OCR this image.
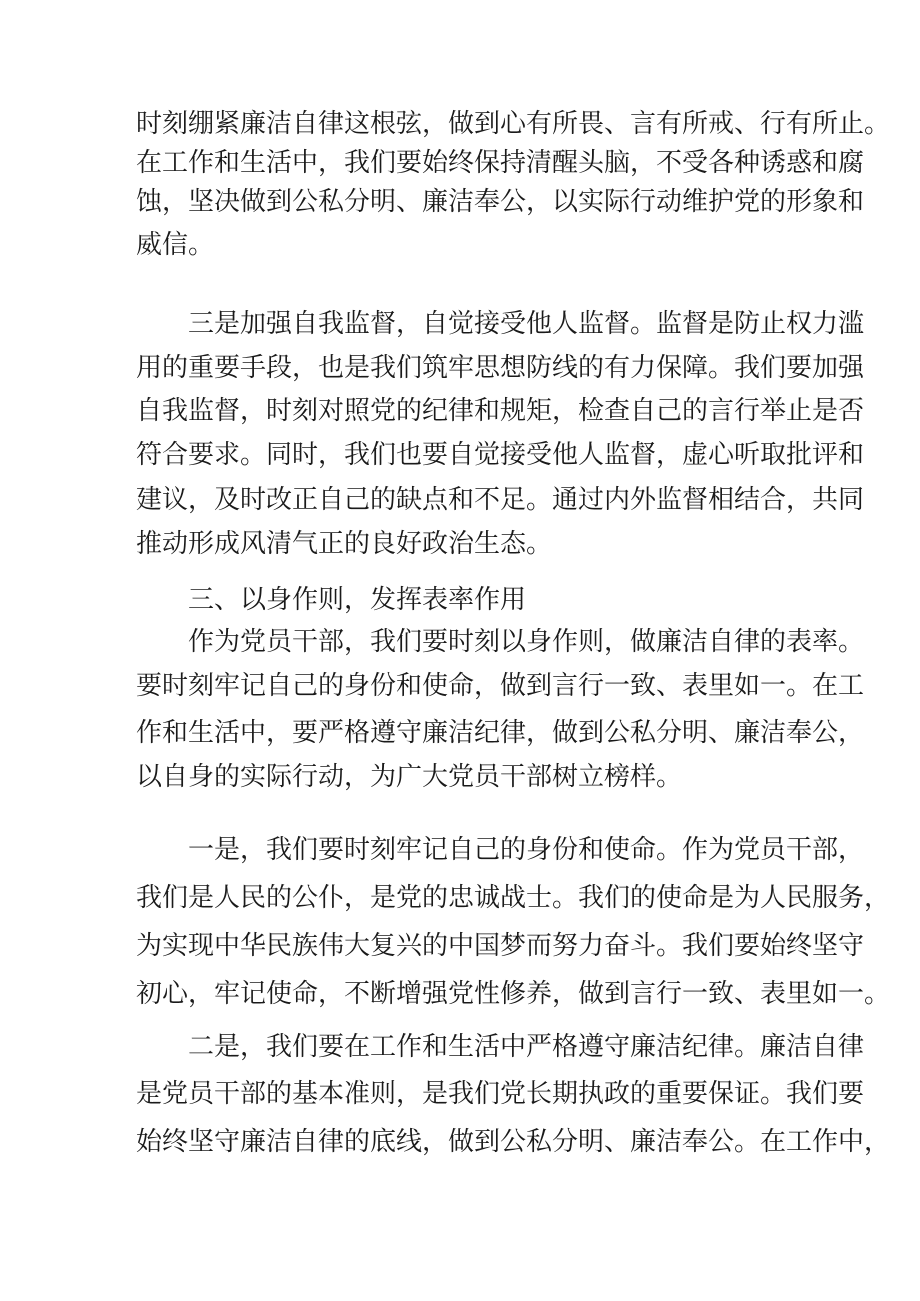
时刻绷紧廉洁自律这根弦，做到心有所畏、言有所戒、行有所止。
在工作和生活中，我们要始终保持清醒头脑，不受各种诱惑和腐
蚀，坚决做到公私分明、廉洁奉公，以实际行动维护党的形象和
威信。
三是加强自我监督，自觉接受他人监督。监督是防止权力滥
用的重要手段，也是我们筑牢思想防线的有力保障。我们要加强
自我监督，时刻对照党的纪律和规矩，检查自己的言行举止是否
符合要求。同时，我们也要自觉接受他人监督，虚心听取批评和
建议，及时改正自己的缺点和不足。通过内外监督相结合，共同
推动形成风清气正的良好政治生态。
三、以身作则，发挥表率作用
作为党员干部，我们要时刻以身作则，做廉洁自律的表率。
要时刻牢记自己的身份和使命，做到言行一致、表里如一。在工
作和生活中，要严格遵守廉洁纪律，做到公私分明、廉洁奉公，
以自身的实际行动，为广大党员干部树立榜样。
一是，我们要时刻牢记自己的身份和使命。作为党员干部，
我们是人民的公仆，是党的忠诚战士。我们的使命是为人民服务，
为实现中华民族伟大复兴的中国梦而努力奋斗。我们要始终坚守
初心，牢记使命，不断增强党性修养，做到言行一致、表里如一。
二是，我们要在工作和生活中严格遵守廉洁纪律。廉洁自律
是党员干部的基本准则，是我们党长期执政的重要保证。我们要
始终坚守廉洁自律的底线，做到公私分明、廉洁奉公。在工作中，
